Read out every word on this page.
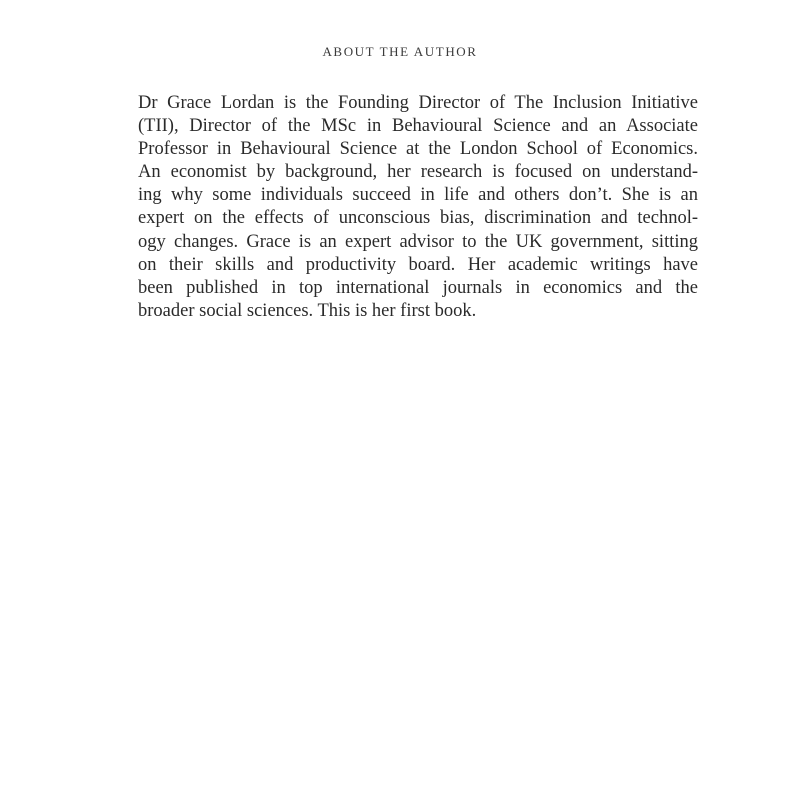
ABOUT THE AUTHOR
Dr Grace Lordan is the Founding Director of The Inclusion Initiative
(TII), Director of the MSc in Behavioural Science and an Associate
Professor in Behavioural Science at the London School of Economics.
An economist by background, her research is focused on understand-
ing why some individuals succeed in life and others don’t. She is an
expert on the effects of unconscious bias, discrimination and technol-
ogy changes. Grace is an expert advisor to the UK government, sitting
on their skills and productivity board. Her academic writings have
been published in top international journals in economics and the
broader social sciences. This is her first book.
